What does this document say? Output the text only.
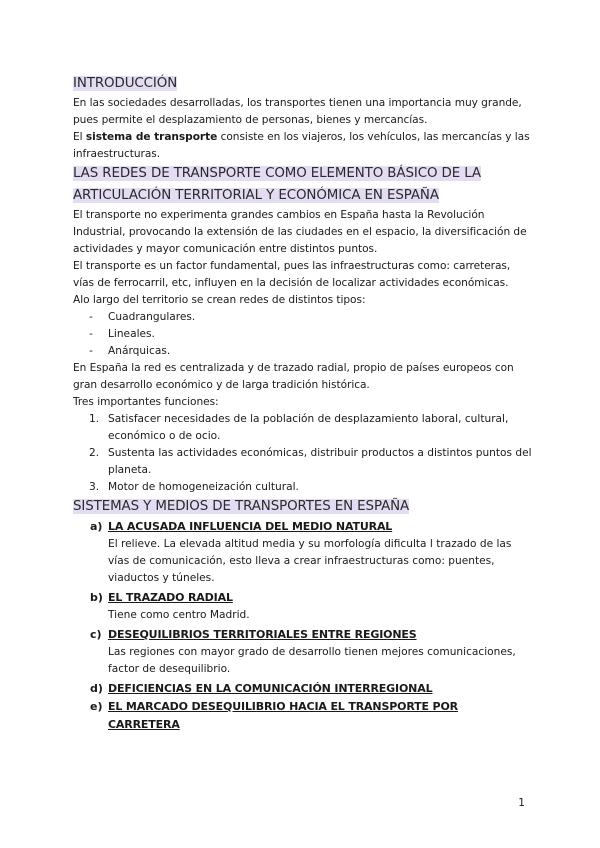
INTRODUCCIÓN

En las sociedades desarrolladas, los transportes tienen una importancia muy grande, pues permite el desplazamiento de personas, bienes y mercancías.

El sistema de transporte consiste en los viajeros, los vehículos, las mercancías y las infraestructuras.

LAS REDES DE TRANSPORTE COMO ELEMENTO BÁSICO DE LA
ARTICULACIÓN TERRITORIAL Y ECONÓMICA EN ESPAÑA

El transporte no experimenta grandes cambios en España hasta la Revolución Industrial, provocando la extensión de las ciudades en el espacio, la diversificación de actividades y mayor comunicación entre distintos puntos.

El transporte es un factor fundamental, pues las infraestructuras como: carreteras, vías de ferrocarril, etc, influyen en la decisión de localizar actividades económicas.

Alo largo del territorio se crean redes de distintos tipos:

- Cuadrangulares.
- Lineales.
- Anárquicas.

En España la red es centralizada y de trazado radial, propio de países europeos con gran desarrollo económico y de larga tradición histórica.

Tres importantes funciones:

1. Satisfacer necesidades de la población de desplazamiento laboral, cultural, económico o de ocio.
2. Sustenta las actividades económicas, distribuir productos a distintos puntos del planeta.
3. Motor de homogeneización cultural.
SISTEMAS Y MEDIOS DE TRANSPORTES EN ESPAÑA
a) LA ACUSADA INFLUENCIA DEL MEDIO NATURAL
El relieve. La elevada altitud media y su morfología dificulta l trazado de las vías de comunicación, esto lleva a crear infraestructuras como: puentes, viaductos y túneles.
b) EL TRAZADO RADIAL
Tiene como centro Madrid.
c) DESEQUILIBRIOS TERRITORIALES ENTRE REGIONES
Las regiones con mayor grado de desarrollo tienen mejores comunicaciones, factor de desequilibrio.
d) DEFICIENCIAS EN LA COMUNICACIÓN INTERREGIONAL
e) EL MARCADO DESEQUILIBRIO HACIA EL TRANSPORTE POR CARRETERA
1
